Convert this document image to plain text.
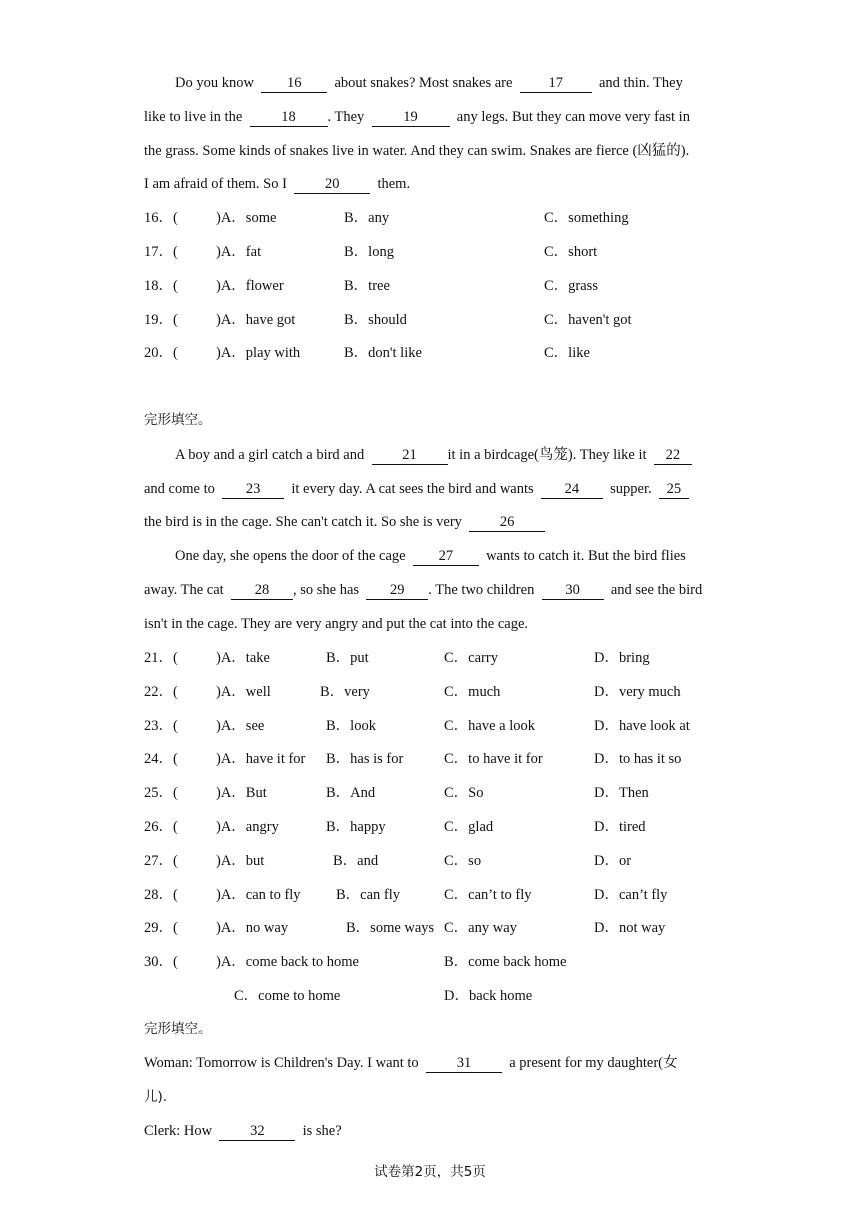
Do you know 16 about snakes? Most snakes are 17 and thin. They
like to live in the	18 . They	19	any legs. But they can move very fast in
the grass. Some kinds of snakes live in water. And they can swim. Snakes are fierce (凶猛的).
I am afraid of them. So I	20	them.
16．(	)A．some	B．any	C．something
17．(	)A．fat	B．long	C．short
18．(	)A．flower	B．tree	C．grass
19．(	)A．have got	B．should	C．haven't got
20．(	)A．play with	B．don't like	C．like
完形填空。
A boy and a girl catch a bird and	21 it in a birdcage(鸟笼). They like it 22
and come to 23 it every day. A cat sees the bird and wants 24 supper. 25
the bird is in the cage. She can't catch it. So she is very	26
One day, she opens the door of the cage 27 wants to catch it. But the bird flies
away. The cat 28 , so she has 29 . The two children 30 and see the bird
isn't in the cage. They are very angry and put the cat into the cage.
21．(	)A．take	B．put	C．carry	D．bring
22．(	)A．well	B．very	C．much	D．very much
23．(	)A．see	B．look	C．have a look	D．have look at
24．(	)A．have it for B．has is for	C．to have it for	D．to has it so
25．(	)A．But	B．And	C．So	D．Then
26．(	)A．angry	B．happy	C．glad	D．tired
27．(	)A．but	B．and	C．so	D．or
28．(	)A．can to fly B．can fly	C．can’t to fly	D．can’t fly
29．(	)A．no way	B．some ways C．any way	D．not way
30．(	)A．come back to home	B．come back home
C．come to home	D．back home
完形填空。
Woman: Tomorrow is Children's Day. I want to	31	a present for my daughter(女
儿).
Clerk: How	32	is she?
试卷第2页，共5页
